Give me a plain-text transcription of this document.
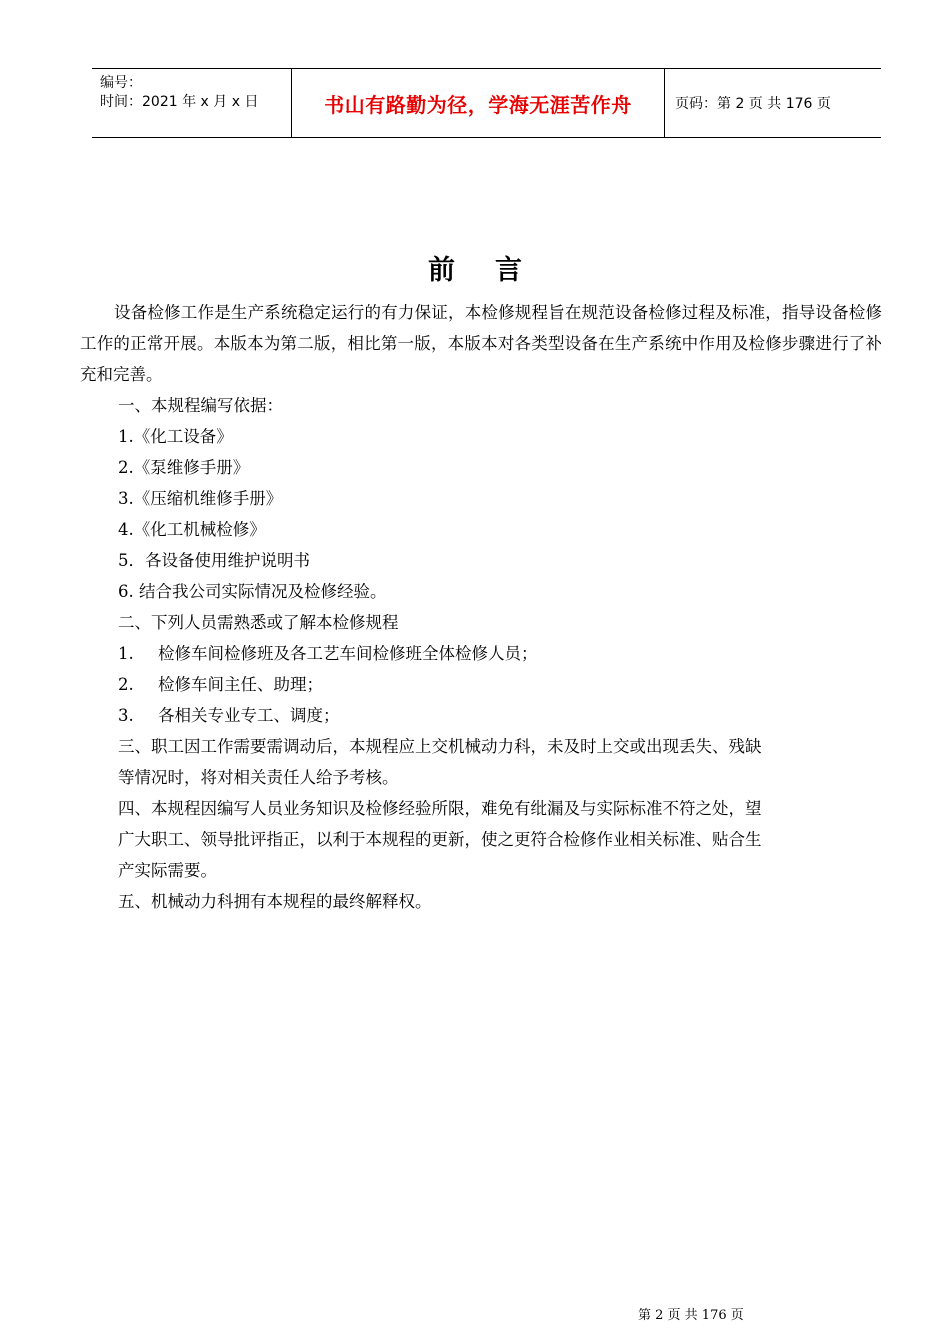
编号：
时间：2021 年 x 月 x 日	书山有路勤为径，学海无涯苦作舟	页码：第 2 页 共 176 页
前言

设备检修工作是生产系统稳定运行的有力保证，本检修规程旨在规范设备检修过程及标准，指导设备检修工作的正常开展。本版本为第二版，相比第一版，本版本对各类型设备在生产系统中作用及检修步骤进行了补充和完善。

一、本规程编写依据：

1.《化工设备》

2.《泵维修手册》

3.《压缩机维修手册》

4.《化工机械检修》

5．各设备使用维护说明书

6. 结合我公司实际情况及检修经验。

二、下列人员需熟悉或了解本检修规程

1. 检修车间检修班及各工艺车间检修班全体检修人员；

2. 检修车间主任、助理；

3. 各相关专业专工、调度；

三、职工因工作需要需调动后，本规程应上交机械动力科，未及时上交或出现丢失、残缺

等情况时，将对相关责任人给予考核。

四、本规程因编写人员业务知识及检修经验所限，难免有纰漏及与实际标准不符之处，望

广大职工、领导批评指正，以利于本规程的更新，使之更符合检修作业相关标准、贴合生

产实际需要。

五、机械动力科拥有本规程的最终解释权。

第 2 页 共 176 页
